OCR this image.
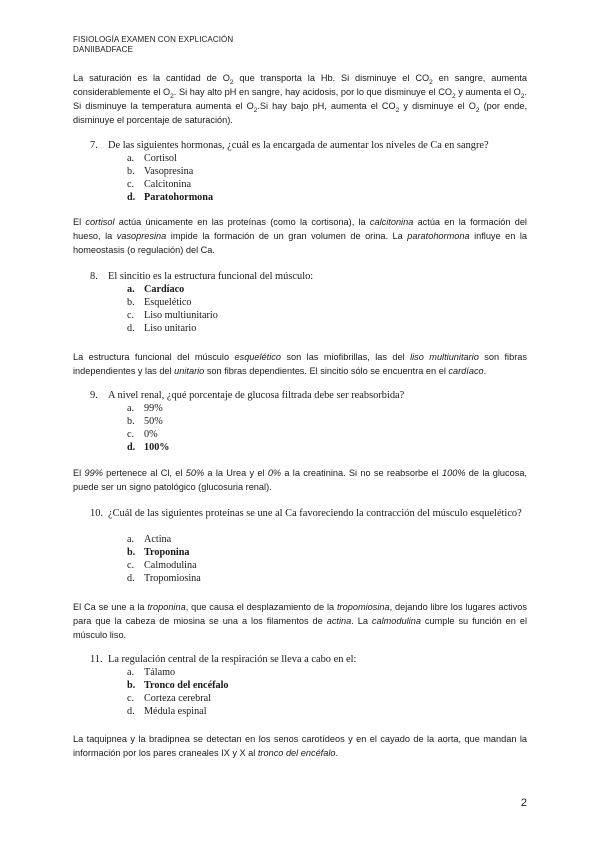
FISIOLOGÍA EXAMEN CON EXPLICACIÓN
DANIIBADFACE
La saturación es la cantidad de $O_2$ que transporta la Hb. Si disminuye el $CO_2$ en sangre, aumenta considerablemente el $O_2$. Si hay alto pH en sangre, hay acidosis, por lo que disminuye el $CO_2$ y aumenta el $O_2$. Si disminuye la temperatura aumenta el $O_2.Si$ hay bajo pH, aumenta el $CO_2$ y disminuye el $O_2$ (por ende, disminuye el porcentaje de saturación).
7. De las siguientes hormonas, ¿cuál es la encargada de aumentar los niveles de Ca en sangre?
a. Cortisol
b. Vasopresina
c. Calcitonina
d. Paratohormona
El cortisol actúa únicamente en las proteínas (como la cortisona), la calcitonina actúa en la formación del hueso, la vasopresina impide la formación de un gran volumen de orina. La paratohormona influye en la homeostasis (o regulación) del Ca.
8. El sincitio es la estructura funcional del músculo:
a. Cardíaco
b. Esquelético
c. Liso multiunitario
d. Liso unitario
La estructura funcional del músculo esquelético son las miofibrillas, las del liso multiunitario son fibras independientes y las del unitario son fibras dependientes. El sincitio sólo se encuentra en el cardíaco.
9. A nivel renal, ¿qué porcentaje de glucosa filtrada debe ser reabsorbida?
a. 99%
b. 50%
c. 0%
d. 100%
El 99% pertenece al Cl, el 50% a la Urea y el 0% a la creatinina. Si no se reabsorbe el 100% de la glucosa, puede ser un signo patológico (glucosuria renal).
10. ¿Cuál de las siguientes proteínas se une al Ca favoreciendo la contracción del músculo esquelético?
a. Actina
b. Troponina
c. Calmodulina
d. Tropomiosina
El Ca se une a la troponina, que causa el desplazamiento de la tropomiosina, dejando libre los lugares activos para que la cabeza de miosina se una a los filamentos de actina. La calmodulina cumple su función en el músculo liso.
11. La regulación central de la respiración se lleva a cabo en el:
a. Tálamo
b. Tronco del encéfalo
c. Corteza cerebral
d. Médula espinal
La taquipnea y la bradipnea se detectan en los senos carotídeos y en el cayado de la aorta, que mandan la información por los pares craneales IX y X al tronco del encéfalo.
2
